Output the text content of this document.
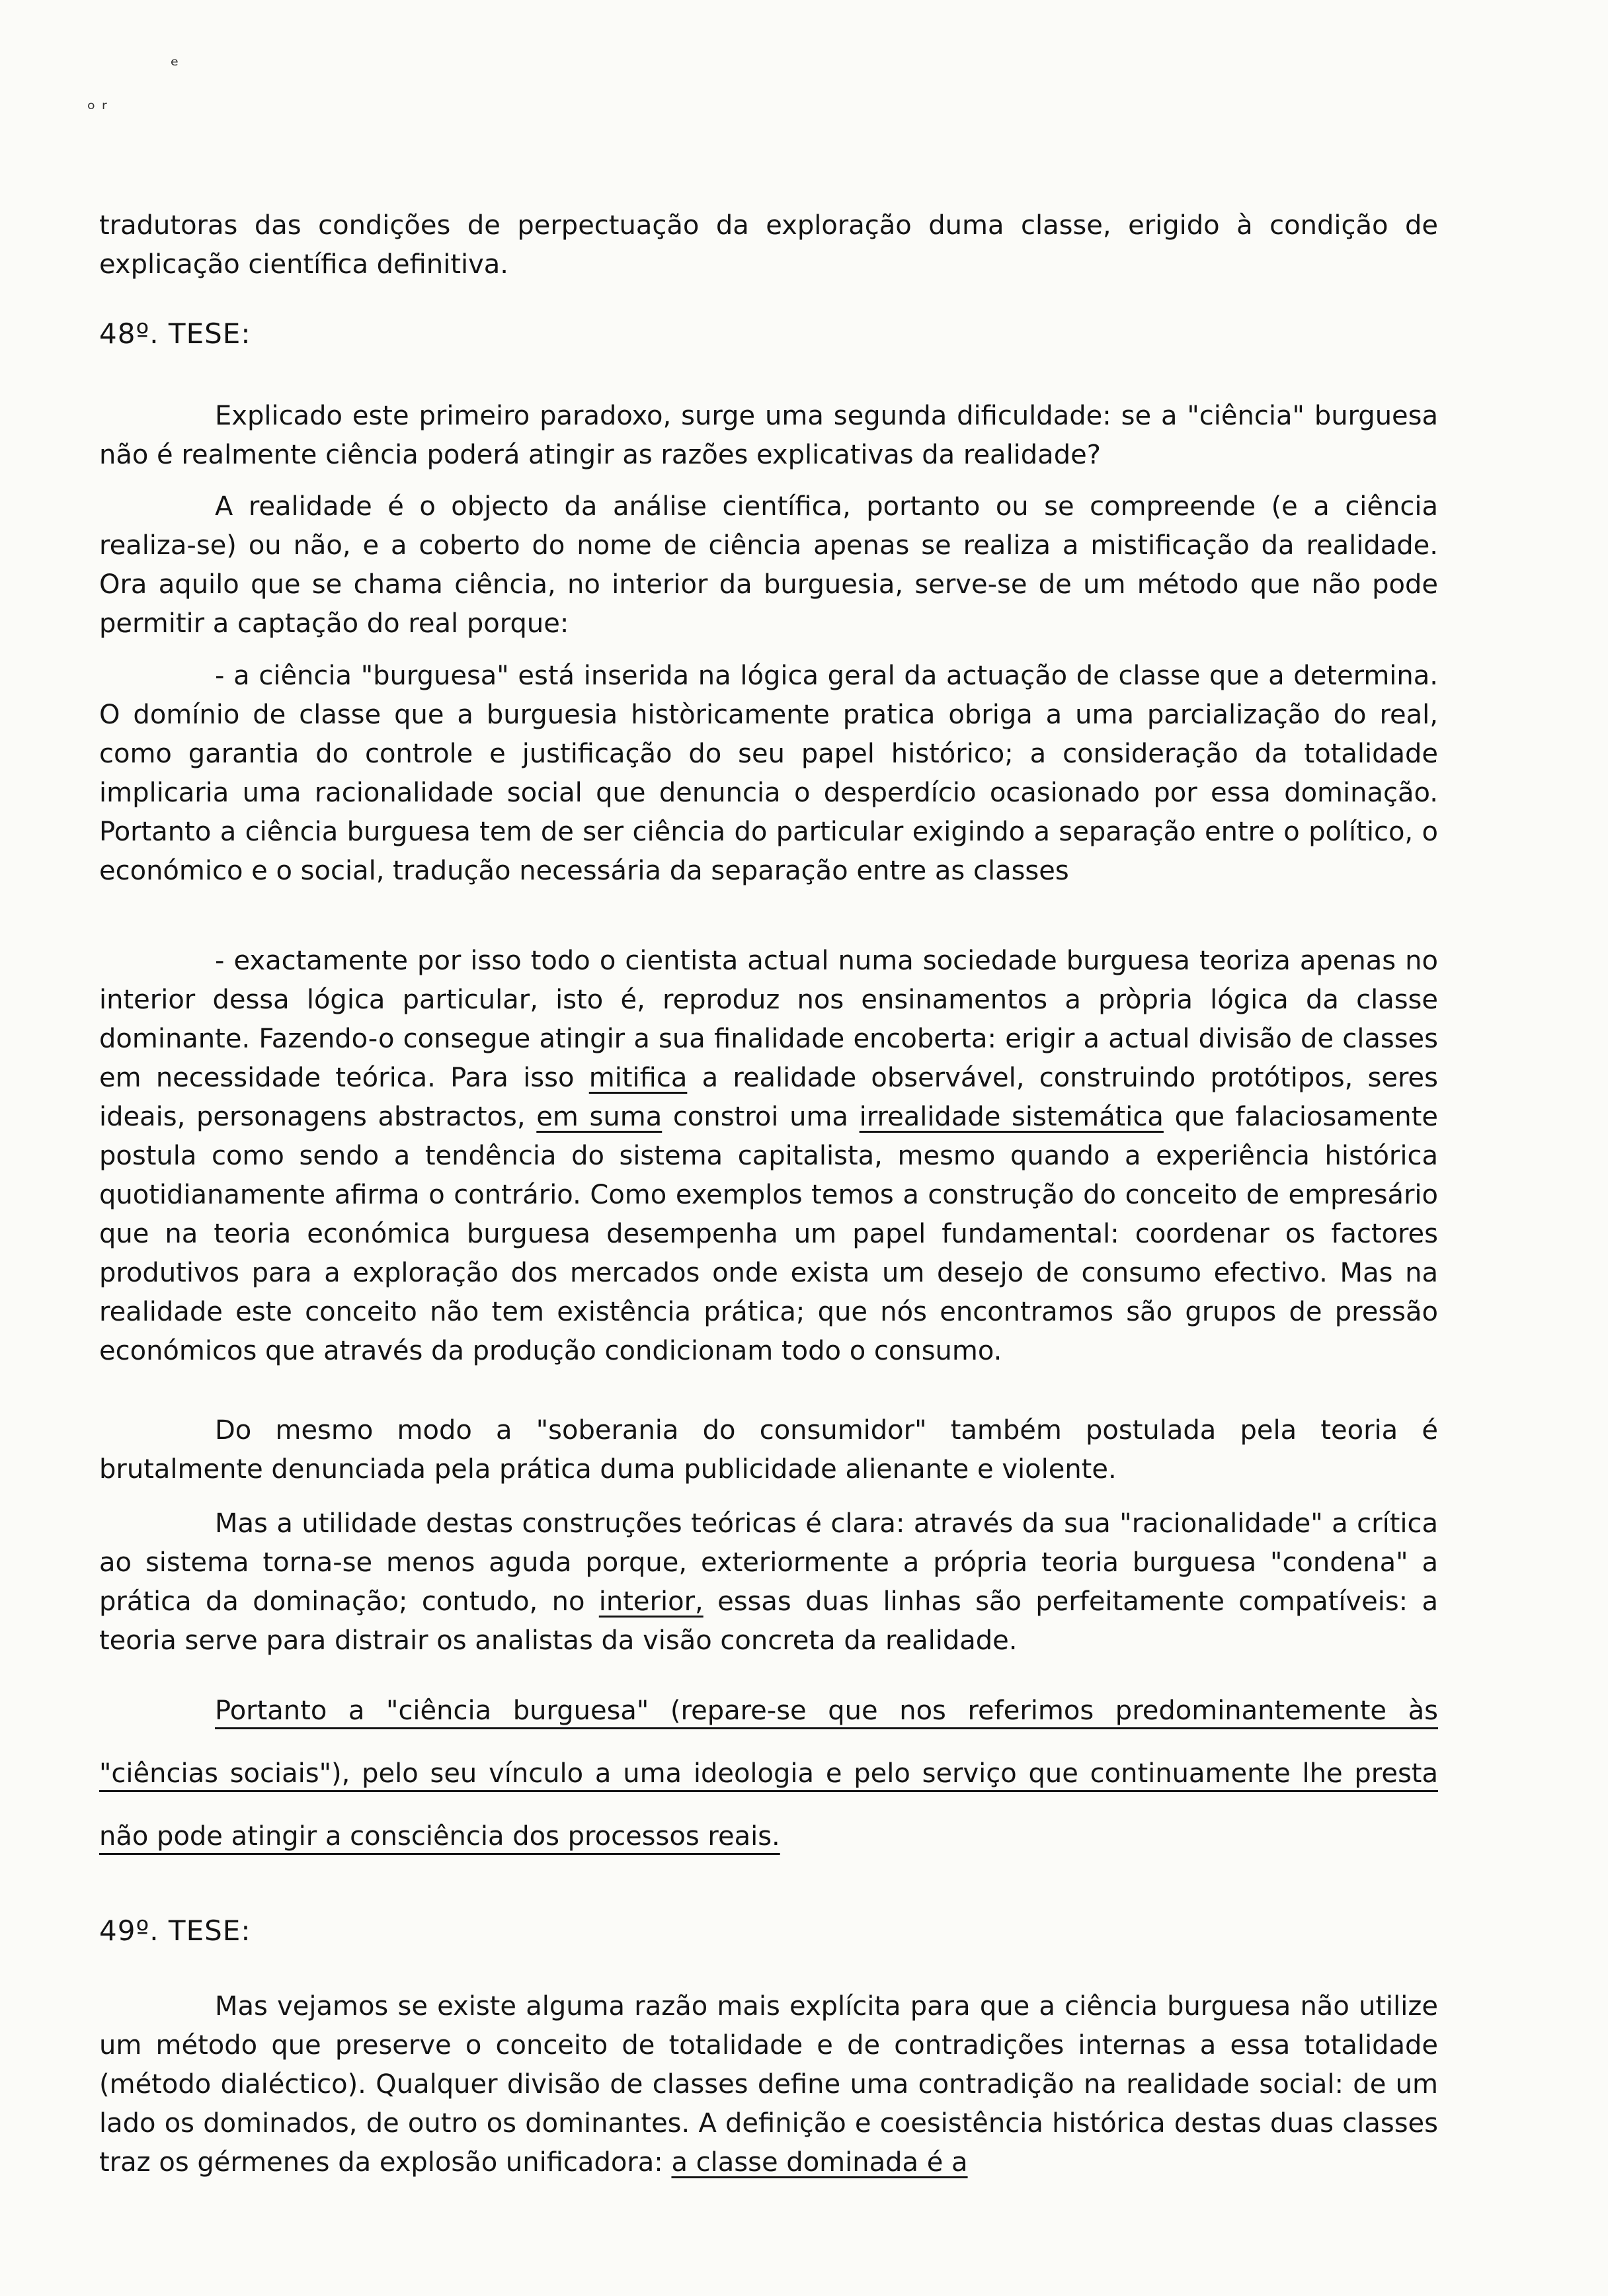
ᵉ
ᵒ ʳ

tradutoras das condições de perpectuação da exploração duma classe, erigido à condição de explicação científica definitiva.

48º. TESE:

Explicado este primeiro paradoxo, surge uma segunda dificuldade: se a "ciência" burguesa não é realmente ciência poderá atingir as razões explicativas da realidade?

A realidade é o objecto da análise científica, portanto ou se compreende (e a ciência realiza-se) ou não, e a coberto do nome de ciência apenas se realiza a mistificação da realidade. Ora aquilo que se chama ciência, no interior da burguesia, serve-se de um método que não pode permitir a captação do real porque:

- a ciência "burguesa" está inserida na lógica geral da actuação de classe que a determina. O domínio de classe que a burguesia històricamente pratica obriga a uma parcialização do real, como garantia do controle e justificação do seu papel histórico; a consideração da totalidade implicaria uma racionalidade social que denuncia o desperdício ocasionado por essa dominação. Portanto a ciência burguesa tem de ser ciência do particular exigindo a separação entre o político, o económico e o social, tradução necessária da separação entre as classes

- exactamente por isso todo o cientista actual numa sociedade burguesa teoriza apenas no interior dessa lógica particular, isto é, reproduz nos ensinamentos a pròpria lógica da classe dominante. Fazendo-o consegue atingir a sua finalidade encoberta: erigir a actual divisão de classes em necessidade teórica. Para isso mitifica a realidade observável, construindo protótipos, seres ideais, personagens abstractos, em suma constroi uma irrealidade sistemática que falaciosamente postula como sendo a tendência do sistema capitalista, mesmo quando a experiência histórica quotidianamente afirma o contrário. Como exemplos temos a construção do conceito de empresário que na teoria económica burguesa desempenha um papel fundamental: coordenar os factores produtivos para a exploração dos mercados onde exista um desejo de consumo efectivo. Mas na realidade este conceito não tem existência prática; que nós encontramos são grupos de pressão económicos que através da produção condicionam todo o consumo.

Do mesmo modo a "soberania do consumidor" também postulada pela teoria é brutalmente denunciada pela prática duma publicidade alienante e violente.

Mas a utilidade destas construções teóricas é clara: através da sua "racionalidade" a crítica ao sistema torna-se menos aguda porque, exteriormente a própria teoria burguesa "condena" a prática da dominação; contudo, no interior, essas duas linhas são perfeitamente compatíveis: a teoria serve para distrair os analistas da visão concreta da realidade.

Portanto a "ciência burguesa" (repare-se que nos referimos predominantemente às "ciências sociais"), pelo seu vínculo a uma ideologia e pelo serviço que continuamente lhe presta não pode atingir a consciência dos processos reais.

49º. TESE:

Mas vejamos se existe alguma razão mais explícita para que a ciência burguesa não utilize um método que preserve o conceito de totalidade e de contradições internas a essa totalidade (método dialéctico). Qualquer divisão de classes define uma contradição na realidade social: de um lado os dominados, de outro os dominantes. A definição e coesistência histórica destas duas classes traz os gérmenes da explosão unificadora: a classe dominada é a
